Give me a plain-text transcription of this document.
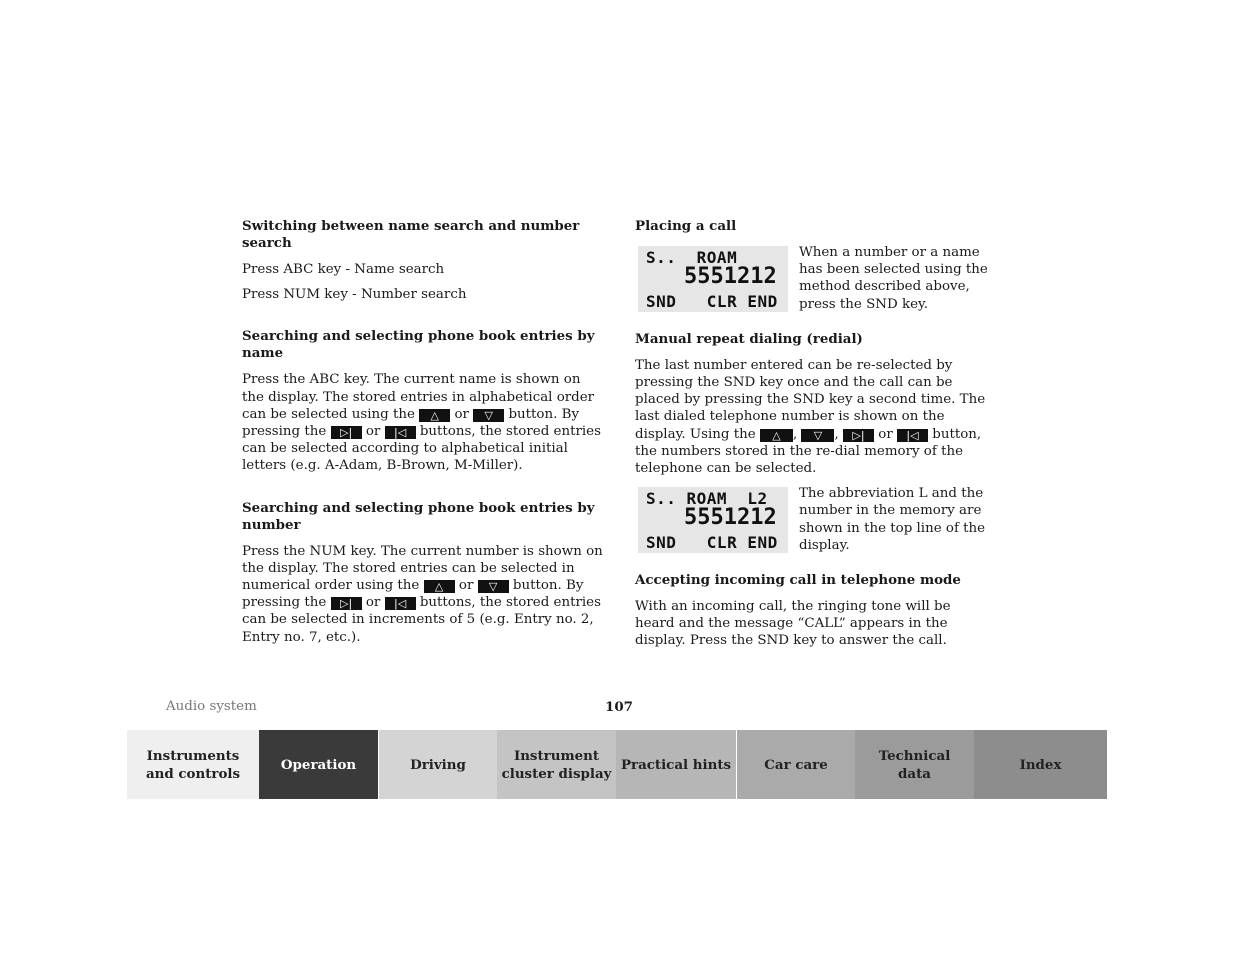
Switching between name search and number search
Press ABC key - Name search
Press NUM key - Number search
Searching and selecting phone book entries by name
Press the ABC key. The current name is shown on the display. The stored entries in alphabetical order can be selected using the △ or ▽ button. By pressing the ▷| or |◁ buttons, the stored entries can be selected according to alphabetical initial letters (e.g. A-Adam, B-Brown, M-Miller).
Searching and selecting phone book entries by number
Press the NUM key. The current number is shown on the display. The stored entries can be selected in numerical order using the △ or ▽ button. By pressing the ▷| or |◁ buttons, the stored entries can be selected in increments of 5 (e.g. Entry no. 2, Entry no. 7, etc.).
Placing a call
S..  ROAM
5551212
SND   CLR END
When a number or a name has been selected using the method described above, press the SND key.
Manual repeat dialing (redial)
The last number entered can be re-selected by pressing the SND key once and the call can be placed by pressing the SND key a second time. The last dialed telephone number is shown on the display. Using the △ , ▽ , ▷| or |◁ button, the numbers stored in the re-dial memory of the telephone can be selected.
S.. ROAM  L2
5551212
SND   CLR END
The abbreviation L and the number in the memory are shown in the top line of the display.
Accepting incoming call in telephone mode
With an incoming call, the ringing tone will be heard and the message “CALL” appears in the display. Press the SND key to answer the call.
Audio system	107
Instruments
and controls
Operation	Driving
Instrument
cluster display
Practical hints Car care
Technical
data
Index
